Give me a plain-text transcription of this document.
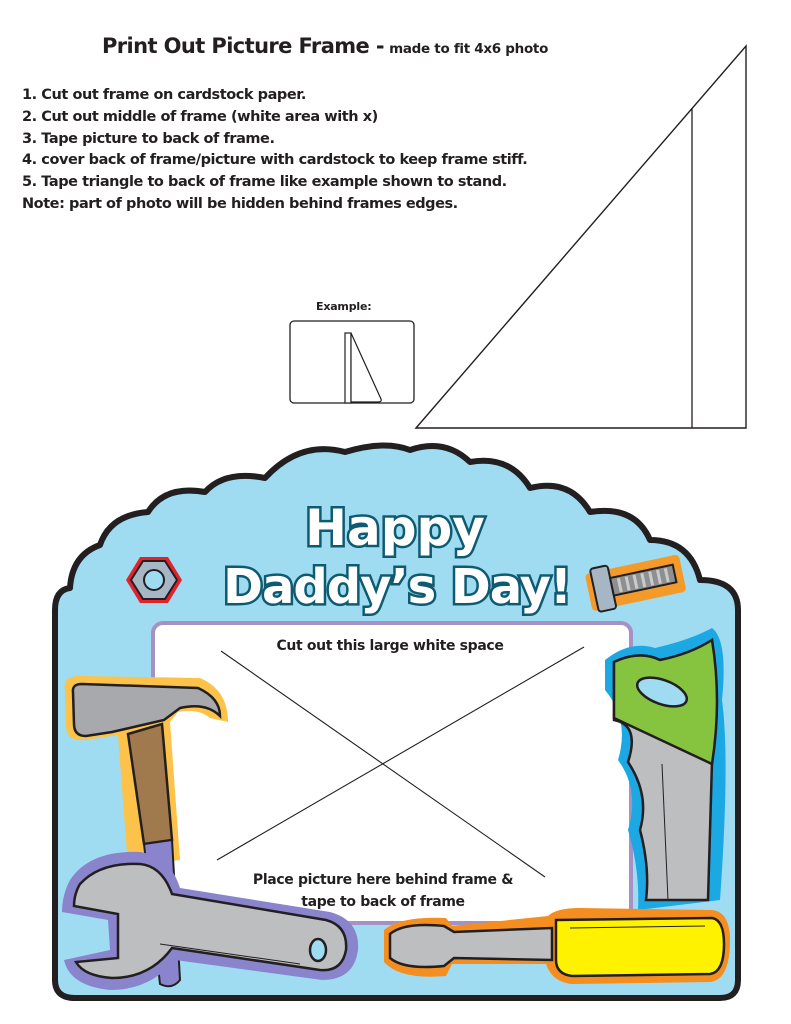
Print Out Picture Frame - made to fit 4x6 photo
1. Cut out frame on cardstock paper.
2. Cut out middle of frame (white area with x)
3. Tape picture to back of frame.
4. cover back of frame/picture with cardstock to keep frame stiff.
5. Tape triangle to back of frame like example shown to stand.
Note: part of photo will be hidden behind frames edges.
Example:
Happy
Daddy’s Day!
Cut out this large white space
Place picture here behind frame &
tape to back of frame
